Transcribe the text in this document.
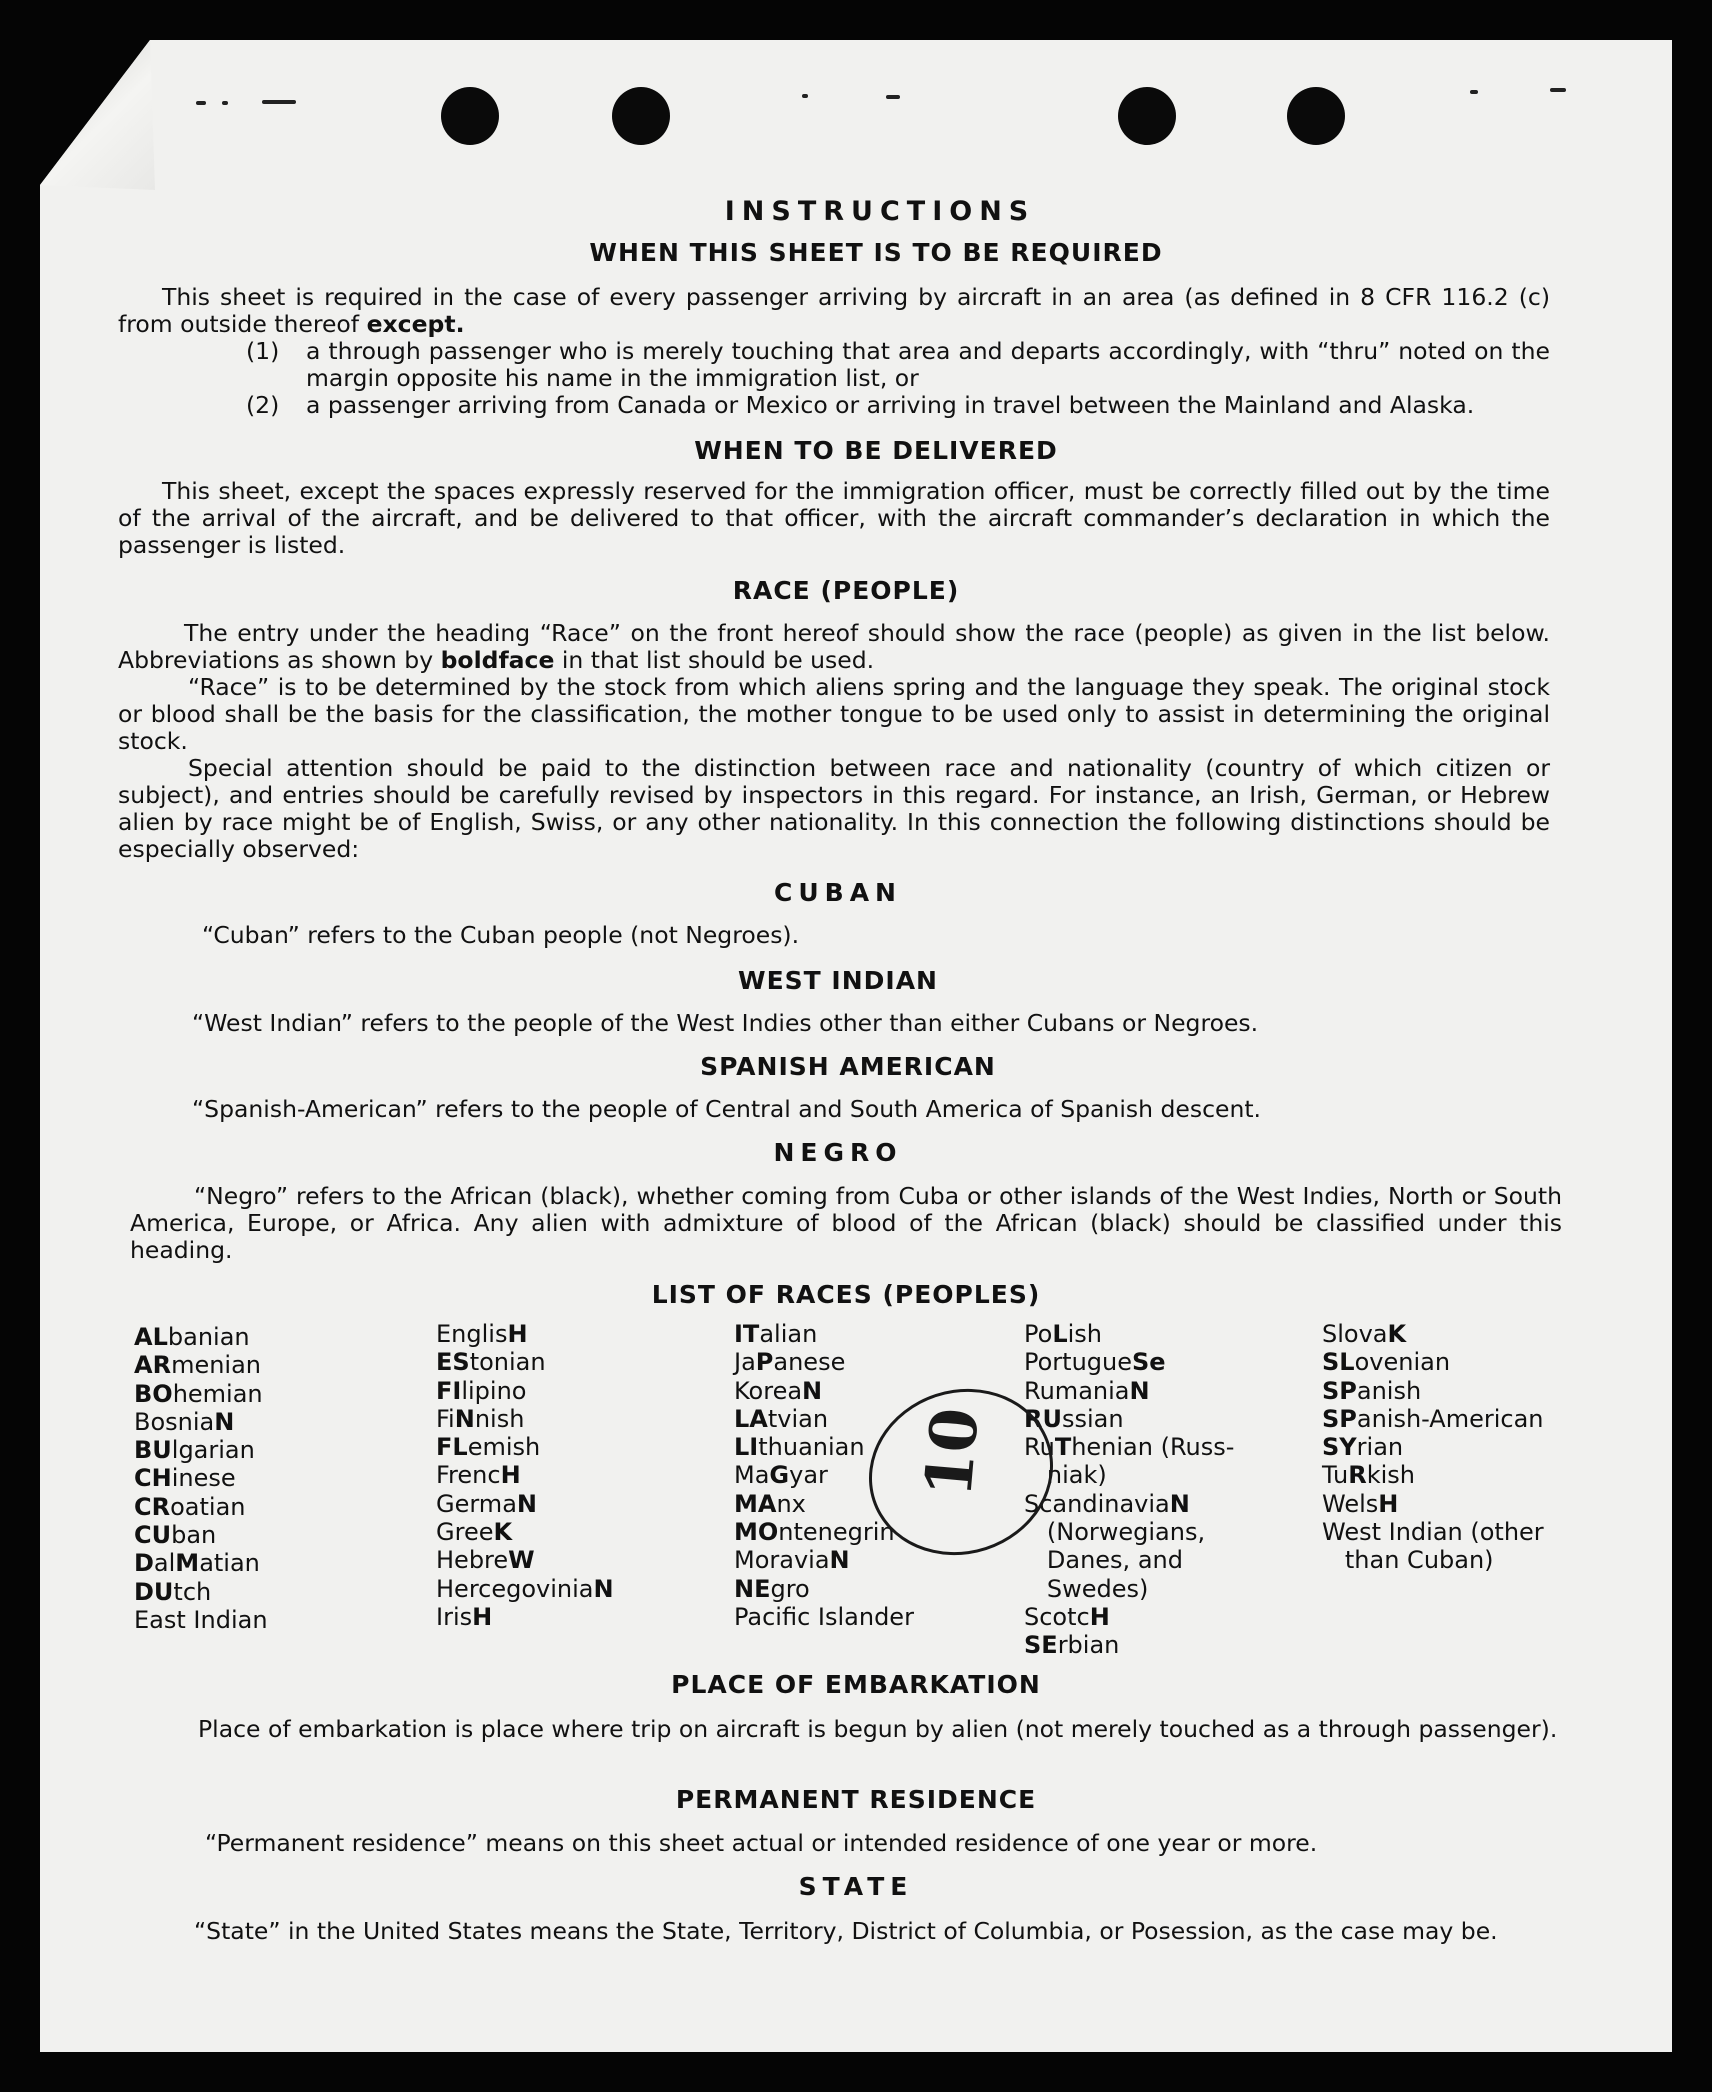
INSTRUCTIONS
WHEN THIS SHEET IS TO BE REQUIRED
This sheet is required in the case of every passenger arriving by aircraft in an area (as defined in 8 CFR 116.2 (c) from outside thereof except.
(1) a through passenger who is merely touching that area and departs accordingly, with “thru” noted on the margin opposite his name in the immigration list, or
(2) a passenger arriving from Canada or Mexico or arriving in travel between the Mainland and Alaska.
WHEN TO BE DELIVERED
This sheet, except the spaces expressly reserved for the immigration officer, must be correctly filled out by the time of the arrival of the aircraft, and be delivered to that officer, with the aircraft commander’s declaration in which the passenger is listed.
RACE (PEOPLE)
The entry under the heading “Race” on the front hereof should show the race (people) as given in the list below. Abbreviations as shown by boldface in that list should be used.
“Race” is to be determined by the stock from which aliens spring and the language they speak. The original stock or blood shall be the basis for the classification, the mother tongue to be used only to assist in determining the original stock.
Special attention should be paid to the distinction between race and nationality (country of which citizen or subject), and entries should be carefully revised by inspectors in this regard. For instance, an Irish, German, or Hebrew alien by race might be of English, Swiss, or any other nationality. In this connection the following distinctions should be especially observed:
CUBAN
“Cuban” refers to the Cuban people (not Negroes).
WEST INDIAN
“West Indian” refers to the people of the West Indies other than either Cubans or Negroes.
SPANISH AMERICAN
“Spanish-American” refers to the people of Central and South America of Spanish descent.
NEGRO
“Negro” refers to the African (black), whether coming from Cuba or other islands of the West Indies, North or South America, Europe, or Africa. Any alien with admixture of blood of the African (black) should be classified under this heading.
LIST OF RACES (PEOPLES)
ALbanian
ARmenian
BOhemian
BosniaN
BUlgarian
CHinese
CRoatian
CUban
DalMatian
DUtch
East Indian
EnglisH
EStonian
FIlipino
FiNnish
FLemish
FrencH
GermaN
GreeK
HebreW
HercegoviniaN
IrisH
ITalian
JaPanese
KoreaN
LAtvian
LIthuanian
MaGyar
MAnx
MOntenegrin
MoraviaN
NEgro
Pacific Islander
PoLish
PortugueSe
RumaniaN
RUssian
RuThenian (Russ-
niak)
ScandinaviaN
(Norwegians,
Danes, and
Swedes)
ScotcH
SErbian
SlovaK
SLovenian
SPanish
SPanish-American
SYrian
TuRkish
WelsH
West Indian (other
than Cuban)
10
PLACE OF EMBARKATION
Place of embarkation is place where trip on aircraft is begun by alien (not merely touched as a through passenger).
PERMANENT RESIDENCE
“Permanent residence” means on this sheet actual or intended residence of one year or more.
STATE
“State” in the United States means the State, Territory, District of Columbia, or Posession, as the case may be.
